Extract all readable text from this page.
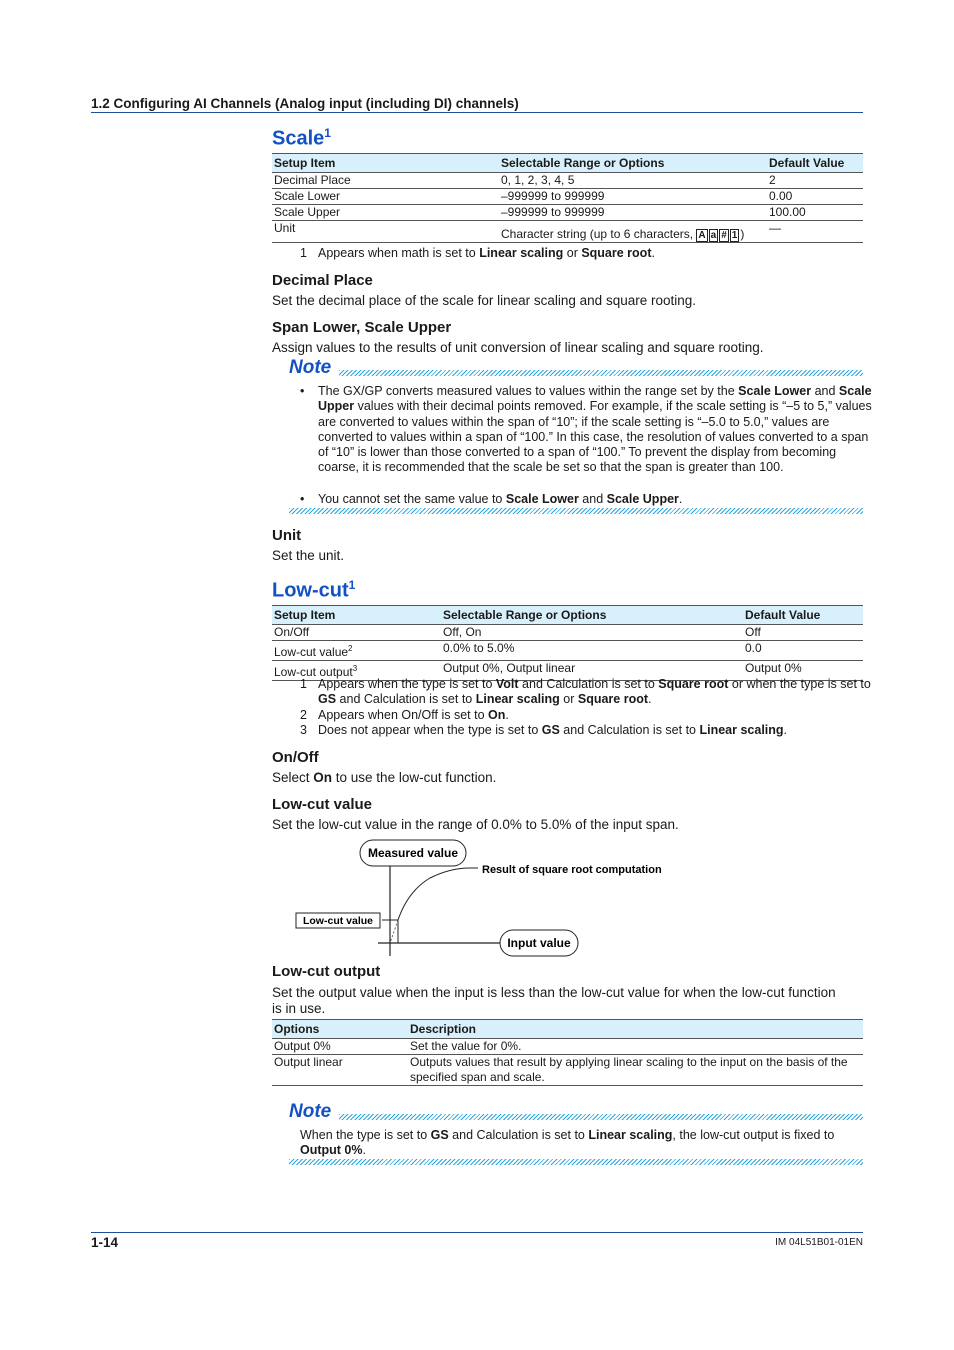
1.2 Configuring AI Channels (Analog input (including DI) channels)
Scale$^1$
Setup Item	Selectable Range or Options	Default Value
Decimal Place	0, 1, 2, 3, 4, 5	2
Scale Lower	–999999 to 999999	0.00
Scale Upper	–999999 to 999999	100.00
Unit	Character string (up to 6 characters, A a # 1 )	—
1 Appears when math is set to Linear scaling or Square root.
Decimal Place
Set the decimal place of the scale for linear scaling and square rooting.
Span Lower, Scale Upper
Assign values to the results of unit conversion of linear scaling and square rooting.
Note
• The GX/GP converts measured values to values within the range set by the Scale Lower and Scale Upper values with their decimal points removed. For example, if the scale setting is “–5 to 5,” values are converted to values within the span of “10”; if the scale setting is “–5.0 to 5.0,” values are converted to values within a span of “100.” In this case, the resolution of values converted to a span of “10” is lower than those converted to a span of “100.” To prevent the display from becoming coarse, it is recommended that the scale be set so that the span is greater than 100.
• You cannot set the same value to Scale Lower and Scale Upper.
Unit
Set the unit.
Low-cut$^1$
Setup Item	Selectable Range or Options	Default Value
On/Off	Off, On	Off
Low-cut value$^2$	0.0% to 5.0%	0.0
Low-cut output$^3$	Output 0%, Output linear	Output 0%
1 Appears when the type is set to Volt and Calculation is set to Square root or when the type is set to GS and Calculation is set to Linear scaling or Square root.
2 Appears when On/Off is set to On.
3 Does not appear when the type is set to GS and Calculation is set to Linear scaling.
On/Off
Select On to use the low-cut function.
Low-cut value
Set the low-cut value in the range of 0.0% to 5.0% of the input span.
Measured value
Result of square root computation
Low-cut value
Input value
Low-cut output
Set the output value when the input is less than the low-cut value for when the low-cut function is in use.
Options	Description
Output 0%	Set the value for 0%.
Output linear	Outputs values that result by applying linear scaling to the input on the basis of the specified span and scale.
Note
When the type is set to GS and Calculation is set to Linear scaling, the low-cut output is fixed to Output 0%.
1-14	IM 04L51B01-01EN
